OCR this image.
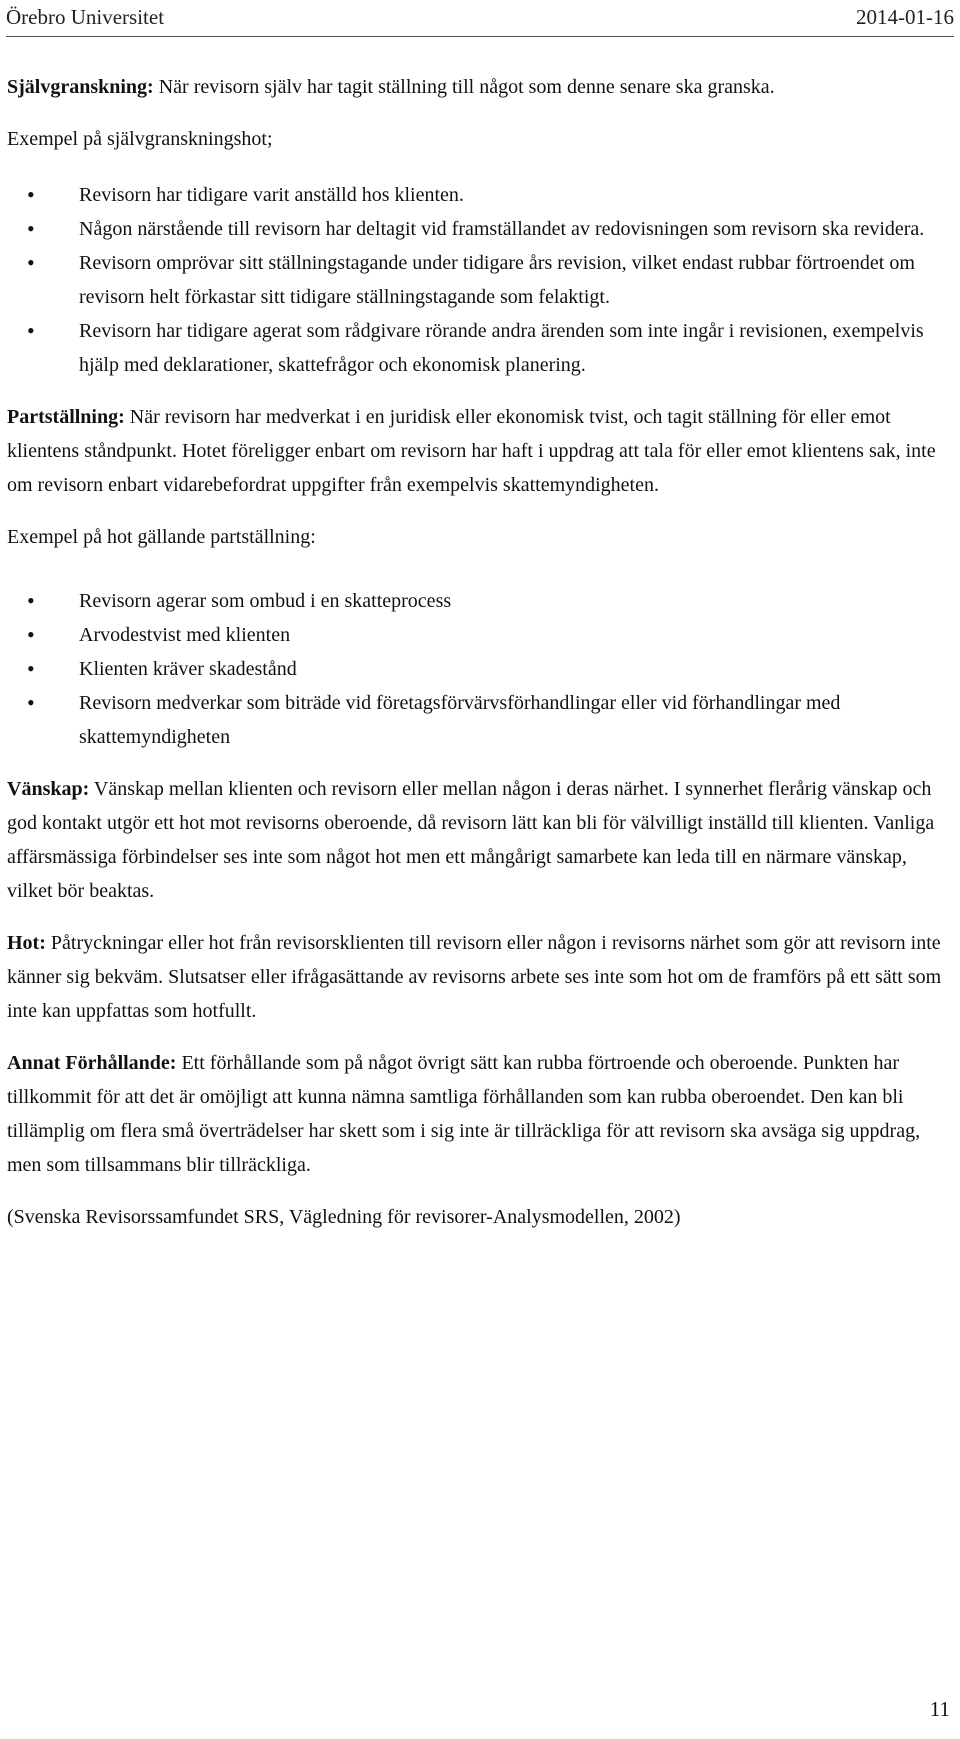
Örebro Universitet	2014-01-16

Självgranskning: När revisorn själv har tagit ställning till något som denne senare ska granska.

Exempel på självgranskningshot;

• Revisorn har tidigare varit anställd hos klienten.
• Någon närstående till revisorn har deltagit vid framställandet av redovisningen som revisorn ska revidera.
• Revisorn omprövar sitt ställningstagande under tidigare års revision, vilket endast rubbar förtroendet om revisorn helt förkastar sitt tidigare ställningstagande som felaktigt.
• Revisorn har tidigare agerat som rådgivare rörande andra ärenden som inte ingår i revisionen, exempelvis hjälp med deklarationer, skattefrågor och ekonomisk planering.

Partställning: När revisorn har medverkat i en juridisk eller ekonomisk tvist, och tagit ställning för eller emot klientens ståndpunkt. Hotet föreligger enbart om revisorn har haft i uppdrag att tala för eller emot klientens sak, inte om revisorn enbart vidarebefordrat uppgifter från exempelvis skattemyndigheten.

Exempel på hot gällande partställning:

• Revisorn agerar som ombud i en skatteprocess
• Arvodestvist med klienten
• Klienten kräver skadestånd
• Revisorn medverkar som biträde vid företagsförvärvsförhandlingar eller vid förhandlingar med skattemyndigheten

Vänskap: Vänskap mellan klienten och revisorn eller mellan någon i deras närhet. I synnerhet flerårig vänskap och god kontakt utgör ett hot mot revisorns oberoende, då revisorn lätt kan bli för välvilligt inställd till klienten. Vanliga affärsmässiga förbindelser ses inte som något hot men ett mångårigt samarbete kan leda till en närmare vänskap, vilket bör beaktas.

Hot: Påtryckningar eller hot från revisorsklienten till revisorn eller någon i revisorns närhet som gör att revisorn inte känner sig bekväm. Slutsatser eller ifrågasättande av revisorns arbete ses inte som hot om de framförs på ett sätt som inte kan uppfattas som hotfullt.

Annat Förhållande: Ett förhållande som på något övrigt sätt kan rubba förtroende och oberoende. Punkten har tillkommit för att det är omöjligt att kunna nämna samtliga förhållanden som kan rubba oberoendet. Den kan bli tillämplig om flera små överträdelser har skett som i sig inte är tillräckliga för att revisorn ska avsäga sig uppdrag, men som tillsammans blir tillräckliga.

(Svenska Revisorssamfundet SRS, Vägledning för revisorer-Analysmodellen, 2002)

11
